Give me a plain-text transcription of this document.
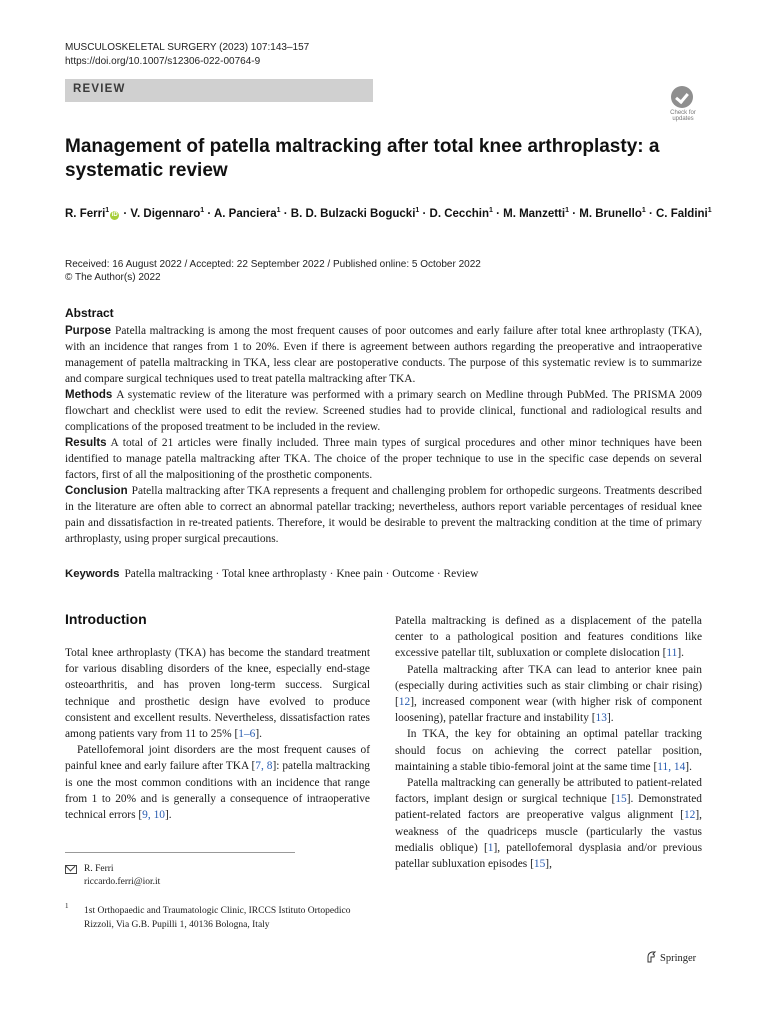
MUSCULOSKELETAL SURGERY (2023) 107:143–157
https://doi.org/10.1007/s12306-022-00764-9
REVIEW
Check for
updates
Management of patella maltracking after total knee arthroplasty: a systematic review
R. Ferri$^1$iD · V. Digennaro$^1$ · A. Panciera$^1$ · B. D. Bulzacki Bogucki$^1$ · D. Cecchin$^1$ · M. Manzetti$^1$ · M. Brunello$^1$ · C. Faldini$^1$
Received: 16 August 2022 / Accepted: 22 September 2022 / Published online: 5 October 2022
© The Author(s) 2022
Abstract

Purpose Patella maltracking is among the most frequent causes of poor outcomes and early failure after total knee arthroplasty (TKA), with an incidence that ranges from 1 to 20%. Even if there is agreement between authors regarding the preoperative and intraoperative management of patella maltracking in TKA, less clear are postoperative conducts. The purpose of this systematic review is to summarize and compare surgical techniques used to treat patella maltracking after TKA.

Methods A systematic review of the literature was performed with a primary search on Medline through PubMed. The PRISMA 2009 flowchart and checklist were used to edit the review. Screened studies had to provide clinical, functional and radiological results and complications of the proposed treatment to be included in the review.

Results A total of 21 articles were finally included. Three main types of surgical procedures and other minor techniques have been identified to manage patella maltracking after TKA. The choice of the proper technique to use in the specific case depends on several factors, first of all the malpositioning of the prosthetic components.

Conclusion Patella maltracking after TKA represents a frequent and challenging problem for orthopedic surgeons. Treatments described in the literature are often able to correct an abnormal patellar tracking; nevertheless, authors report variable percentages of residual knee pain and dissatisfaction in re-treated patients. Therefore, it would be desirable to prevent the maltracking condition at the time of primary arthroplasty, using proper surgical precautions.

Keywords Patella maltracking · Total knee arthroplasty · Knee pain · Outcome · Review
Introduction

Total knee arthroplasty (TKA) has become the standard treatment for various disabling disorders of the knee, especially end-stage osteoarthritis, and has proven long-term success. Surgical technique and prosthetic design have evolved to produce consistent and excellent results. Nevertheless, dissatisfaction rates among patients vary from 11 to 25% [1–6].

Patellofemoral joint disorders are the most frequent causes of painful knee and early failure after TKA [7, 8]: patella maltracking is one the most common conditions with an incidence that range from 1 to 20% and is generally a consequence of intraoperative technical errors [9, 10].

Patella maltracking is defined as a displacement of the patella center to a pathological position and features conditions like excessive patellar tilt, subluxation or complete dislocation [11].

Patella maltracking after TKA can lead to anterior knee pain (especially during activities such as stair climbing or chair rising) [12], increased component wear (with higher risk of component loosening), patellar fracture and instability [13].

In TKA, the key for obtaining an optimal patellar tracking should focus on achieving the correct patellar position, maintaining a stable tibio-femoral joint at the same time [11, 14].

Patella maltracking can generally be attributed to patient-related factors, implant design or surgical technique [15]. Demonstrated patient-related factors are preoperative valgus alignment [12], weakness of the quadriceps muscle (particularly the vastus medialis oblique) [1], patellofemoral dysplasia and/or previous patellar subluxation episodes [15],

R. Ferri
riccardo.ferri@ior.it
1 1st Orthopaedic and Traumatologic Clinic, IRCCS Istituto Ortopedico Rizzoli, Via G.B. Pupilli 1, 40136 Bologna, Italy
Springer
